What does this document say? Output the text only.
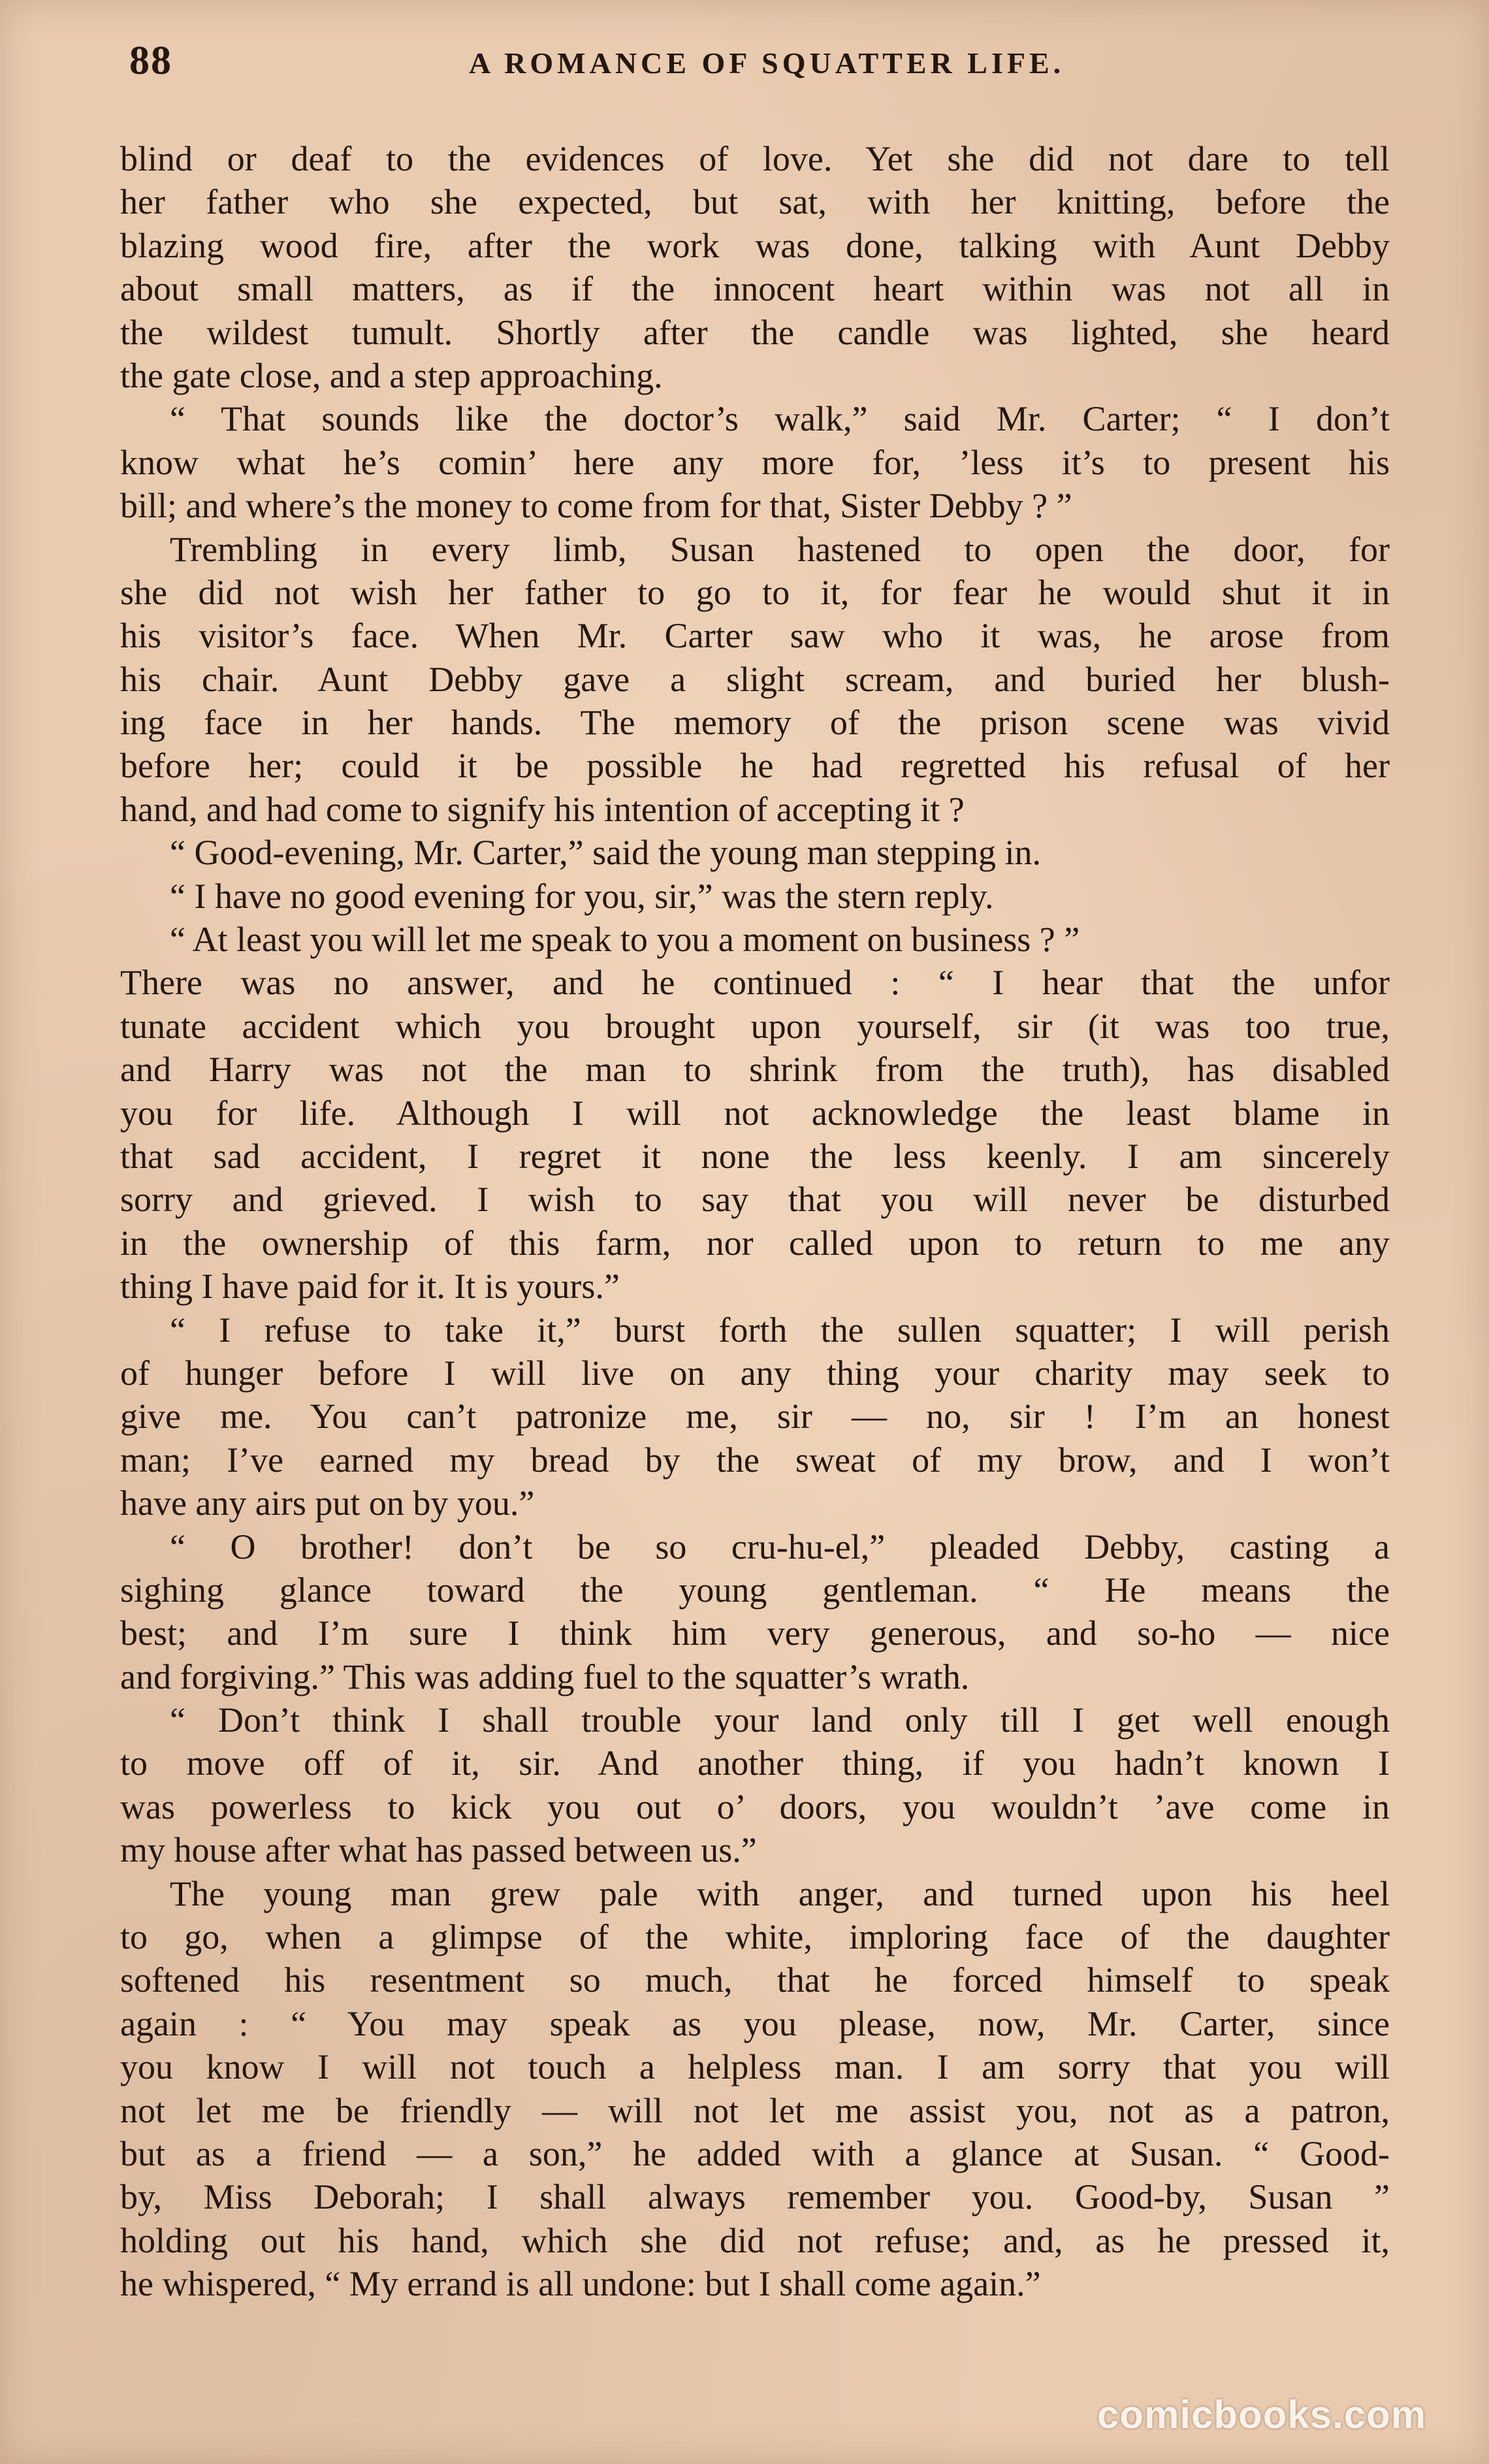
88	A ROMANCE OF SQUATTER LIFE.
blind or deaf to the evidences of love. Yet she did not dare to tell
her father who she expected, but sat, with her knitting, before the
blazing wood fire, after the work was done, talking with Aunt Debby
about small matters, as if the innocent heart within was not all in
the wildest tumult. Shortly after the candle was lighted, she heard
the gate close, and a step approaching.
“ That sounds like the doctor’s walk,” said Mr. Carter; “ I don’t
know what he’s comin’ here any more for, ’less it’s to present his
bill; and where’s the money to come from for that, Sister Debby ? ”
Trembling in every limb, Susan hastened to open the door, for
she did not wish her father to go to it, for fear he would shut it in
his visitor’s face. When Mr. Carter saw who it was, he arose from
his chair. Aunt Debby gave a slight scream, and buried her blush-
ing face in her hands. The memory of the prison scene was vivid
before her; could it be possible he had regretted his refusal of her
hand, and had come to signify his intention of accepting it ?
“ Good-evening, Mr. Carter,” said the young man stepping in.
“ I have no good evening for you, sir,” was the stern reply.
“ At least you will let me speak to you a moment on business ? ”
There was no answer, and he continued : “ I hear that the unfor
tunate accident which you brought upon yourself, sir (it was too true,
and Harry was not the man to shrink from the truth), has disabled
you for life. Although I will not acknowledge the least blame in
that sad accident, I regret it none the less keenly. I am sincerely
sorry and grieved. I wish to say that you will never be disturbed
in the ownership of this farm, nor called upon to return to me any
thing I have paid for it. It is yours.”
“ I refuse to take it,” burst forth the sullen squatter; I will perish
of hunger before I will live on any thing your charity may seek to
give me. You can’t patronize me, sir — no, sir ! I’m an honest
man; I’ve earned my bread by the sweat of my brow, and I won’t
have any airs put on by you.”
“ O brother! don’t be so cru-hu-el,” pleaded Debby, casting a
sighing glance toward the young gentleman. “ He means the
best; and I’m sure I think him very generous, and so-ho — nice
and forgiving.” This was adding fuel to the squatter’s wrath.
“ Don’t think I shall trouble your land only till I get well enough
to move off of it, sir. And another thing, if you hadn’t known I
was powerless to kick you out o’ doors, you wouldn’t ’ave come in
my house after what has passed between us.”
The young man grew pale with anger, and turned upon his heel
to go, when a glimpse of the white, imploring face of the daughter
softened his resentment so much, that he forced himself to speak
again : “ You may speak as you please, now, Mr. Carter, since
you know I will not touch a helpless man. I am sorry that you will
not let me be friendly — will not let me assist you, not as a patron,
but as a friend — a son,” he added with a glance at Susan. “ Good-
by, Miss Deborah; I shall always remember you. Good-by, Susan ”
holding out his hand, which she did not refuse; and, as he pressed it,
he whispered, “ My errand is all undone: but I shall come again.”
comicbooks.com
